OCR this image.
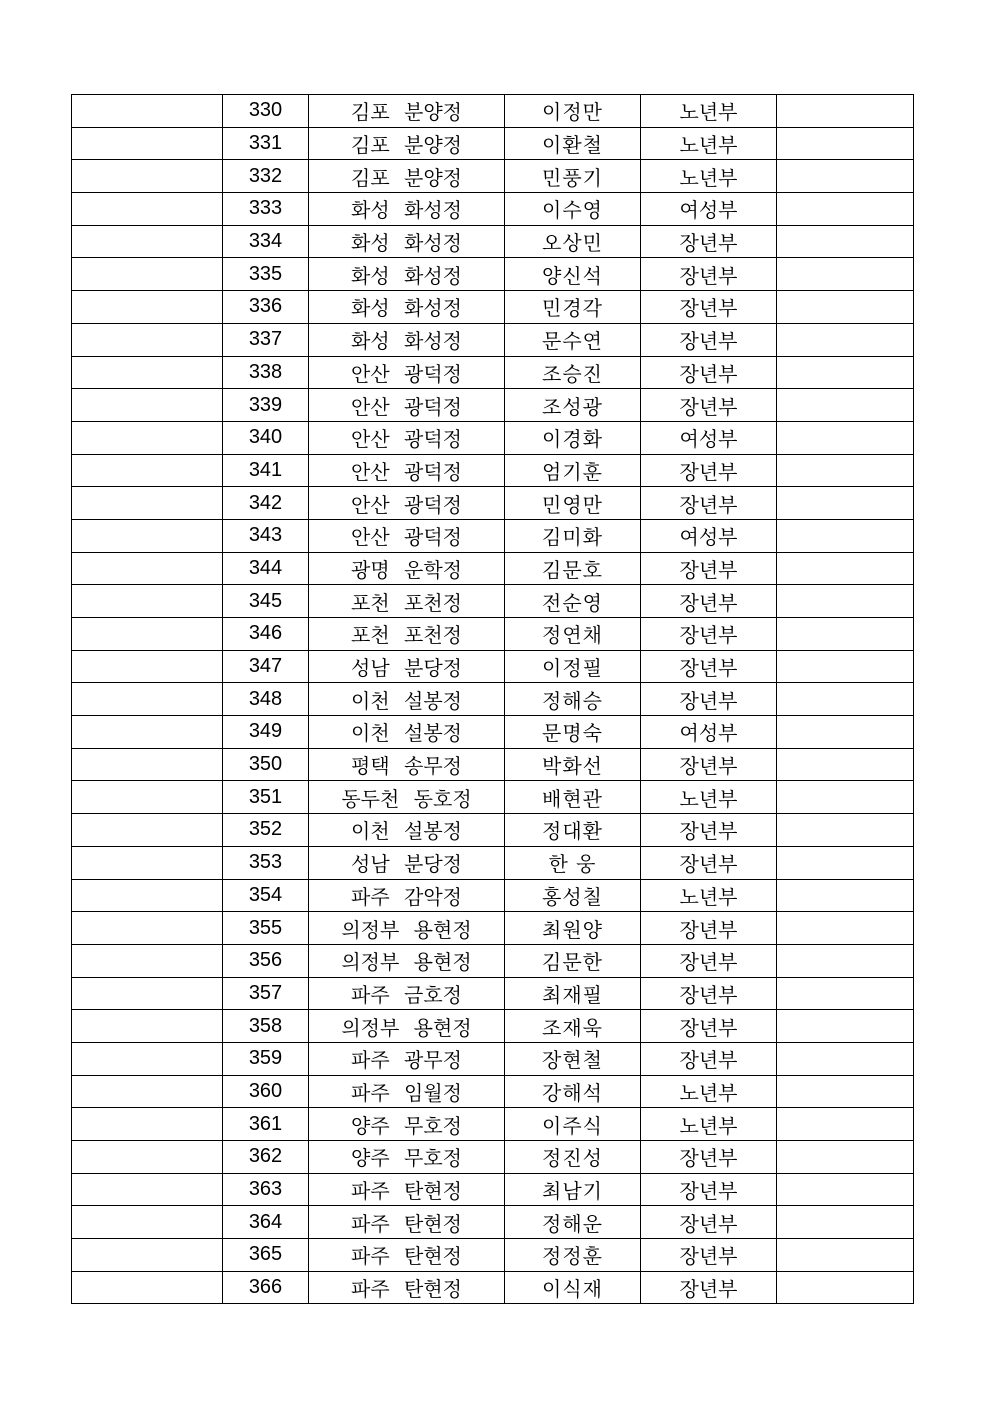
	330	김포 분양정	이정만	노년부	
	331	김포 분양정	이환철	노년부	
	332	김포 분양정	민풍기	노년부	
	333	화성 화성정	이수영	여성부	
	334	화성 화성정	오상민	장년부	
	335	화성 화성정	양신석	장년부	
	336	화성 화성정	민경각	장년부	
	337	화성 화성정	문수연	장년부	
	338	안산 광덕정	조승진	장년부	
	339	안산 광덕정	조성광	장년부	
	340	안산 광덕정	이경화	여성부	
	341	안산 광덕정	엄기훈	장년부	
	342	안산 광덕정	민영만	장년부	
	343	안산 광덕정	김미화	여성부	
	344	광명 운학정	김문호	장년부	
	345	포천 포천정	전순영	장년부	
	346	포천 포천정	정연채	장년부	
	347	성남 분당정	이정필	장년부	
	348	이천 설봉정	정해승	장년부	
	349	이천 설봉정	문명숙	여성부	
	350	평택 송무정	박화선	장년부	
	351	동두천 동호정	배현관	노년부	
	352	이천 설봉정	정대환	장년부	
	353	성남 분당정	한 웅	장년부	
	354	파주 감악정	홍성칠	노년부	
	355	의정부 용현정	최원양	장년부	
	356	의정부 용현정	김문한	장년부	
	357	파주 금호정	최재필	장년부	
	358	의정부 용현정	조재욱	장년부	
	359	파주 광무정	장현철	장년부	
	360	파주 임월정	강해석	노년부	
	361	양주 무호정	이주식	노년부	
	362	양주 무호정	정진성	장년부	
	363	파주 탄현정	최남기	장년부	
	364	파주 탄현정	정해운	장년부	
	365	파주 탄현정	정정훈	장년부	
	366	파주 탄현정	이식재	장년부	
